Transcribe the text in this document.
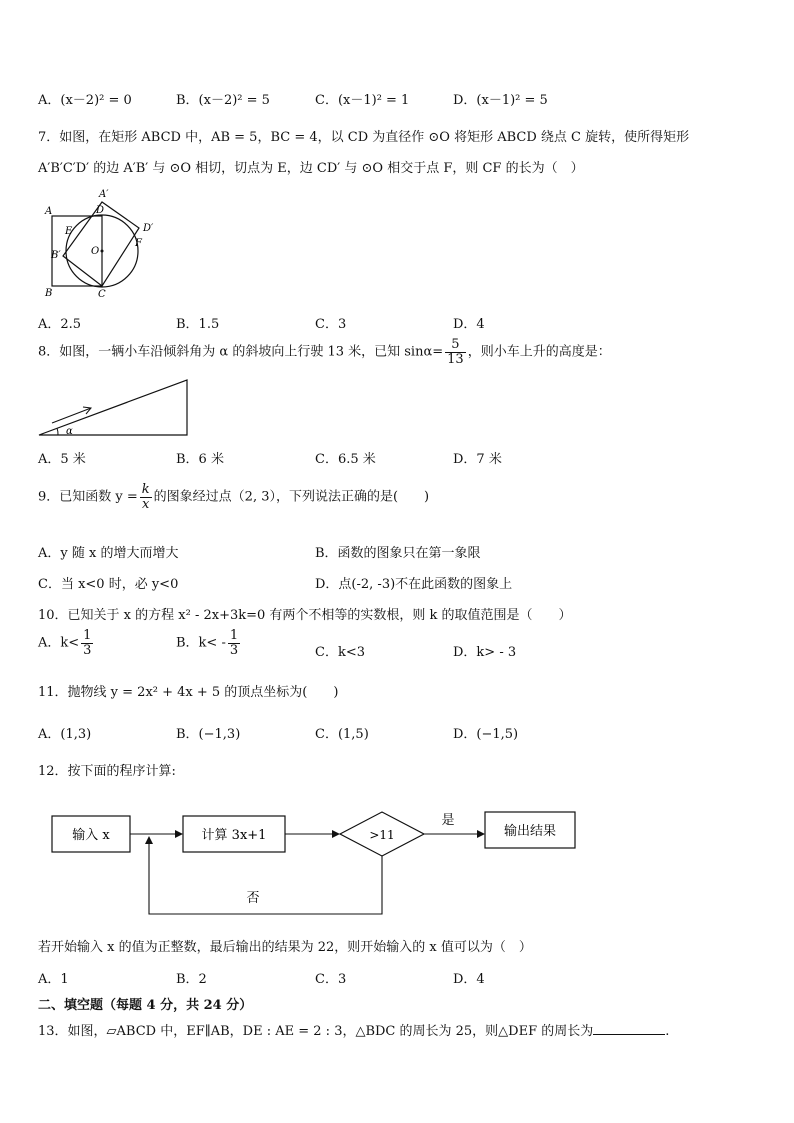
A．(x－2)² = 0	B．(x－2)² = 5	C．(x－1)² = 1	D．(x－1)² = 5
7．如图，在矩形 ABCD 中，AB = 5，BC = 4，以 CD 为直径作 ⊙O 将矩形 ABCD 绕点 C 旋转，使所得矩形
A′B′C′D′ 的边 A′B′ 与 ⊙O 相切，切点为 E，边 CD′ 与 ⊙O 相交于点 F，则 CF 的长为（　）
A
B	C
D
E
F
O
A′
B′
D′
A．2.5	B．1.5	C．3	D．4
8．如图，一辆小车沿倾斜角为 α 的斜坡向上行驶 13 米，已知 $\sin\alpha= \frac{5}{13}$ ，则小车上升的高度是：
α
A．5 米	B．6 米	C．6.5 米	D．7 米
9．已知函数 $y = \frac{k}{x}$ 的图象经过点（2, 3），下列说法正确的是(　　)
A．y 随 x 的增大而增大	B．函数的图象只在第一象限
C．当 x<0 时，必 y<0	D．点(-2, -3)不在此函数的图象上
10．已知关于 x 的方程 x² - 2x+3k=0 有两个不相等的实数根，则 k 的取值范围是（　　）
A．$k< \frac{1}{3}$	B．$k< - \frac{1}{3}$	C．k<3	D．k> - 3
11．抛物线 y = 2x² + 4x + 5 的顶点坐标为(　　)
A．(1,3)	B．(−1,3)	C．(1,5)	D．(−1,5)
12．按下面的程序计算:
输入 x	计算 3x+1	>11
是
输出结果
否
若开始输入 x 的值为正整数，最后输出的结果为 22，则开始输入的 x 值可以为（　）
A．1	B．2	C．3	D．4
二、填空题（每题 4 分，共 24 分）
13．如图，▱ABCD 中，EF∥AB，DE : AE = 2 : 3，△BDC 的周长为 25，则△DEF 的周长为	.
